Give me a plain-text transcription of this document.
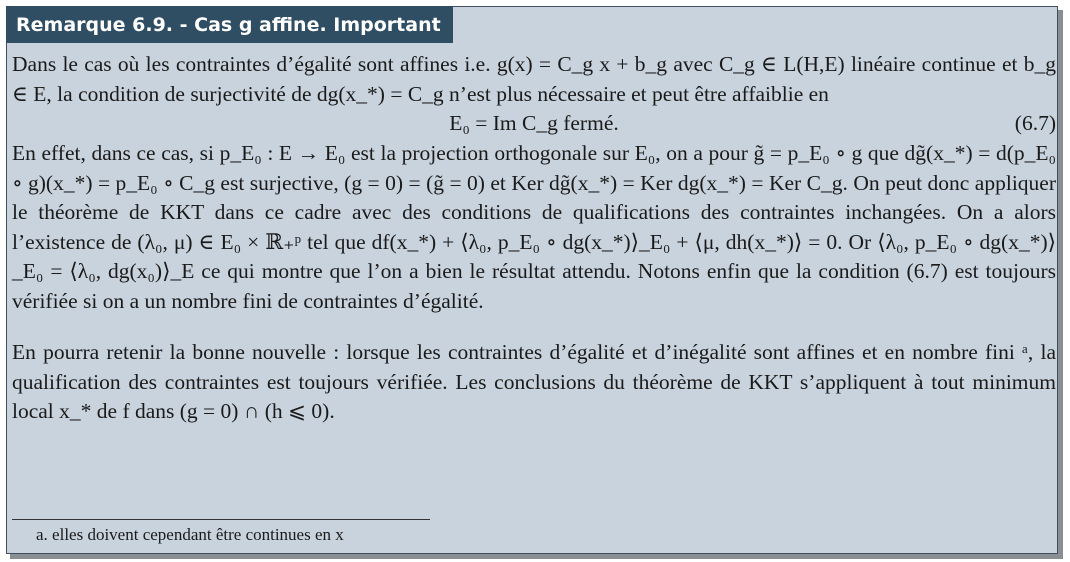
Remarque 6.9. - Cas g affine. Important

Dans le cas où les contraintes d’égalité sont affines i.e. g(x) = C_g x + b_g avec C_g ∈ L(H,E) linéaire continue et b_g ∈ E, la condition de surjectivité de dg(x_*) = C_g n’est plus nécessaire et peut être affaiblie en

E₀ = Im C_g fermé.	(6.7)

En effet, dans ce cas, si p_E₀ : E → E₀ est la projection orthogonale sur E₀, on a pour g̃ = p_E₀ ∘ g que dg̃(x_*) = d(p_E₀ ∘ g)(x_*) = p_E₀ ∘ C_g est surjective, (g = 0) = (g̃ = 0) et Ker dg̃(x_*) = Ker dg(x_*) = Ker C_g. On peut donc appliquer le théorème de KKT dans ce cadre avec des conditions de qualifications des contraintes inchangées. On a alors l’existence de (λ₀, μ) ∈ E₀ × ℝ₊ᵖ tel que df(x_*) + ⟨λ₀, p_E₀ ∘ dg(x_*)⟩_E₀ + ⟨μ, dh(x_*)⟩ = 0. Or ⟨λ₀, p_E₀ ∘ dg(x_*)⟩_E₀ = ⟨λ₀, dg(x₀)⟩_E ce qui montre que l’on a bien le résultat attendu. Notons enfin que la condition (6.7) est toujours vérifiée si on a un nombre fini de contraintes d’égalité.

En pourra retenir la bonne nouvelle : lorsque les contraintes d’égalité et d’inégalité sont affines et en nombre fini ᵃ, la qualification des contraintes est toujours vérifiée. Les conclusions du théorème de KKT s’appliquent à tout minimum local x_* de f dans (g = 0) ∩ (h ⩽ 0).

a. elles doivent cependant être continues en x
